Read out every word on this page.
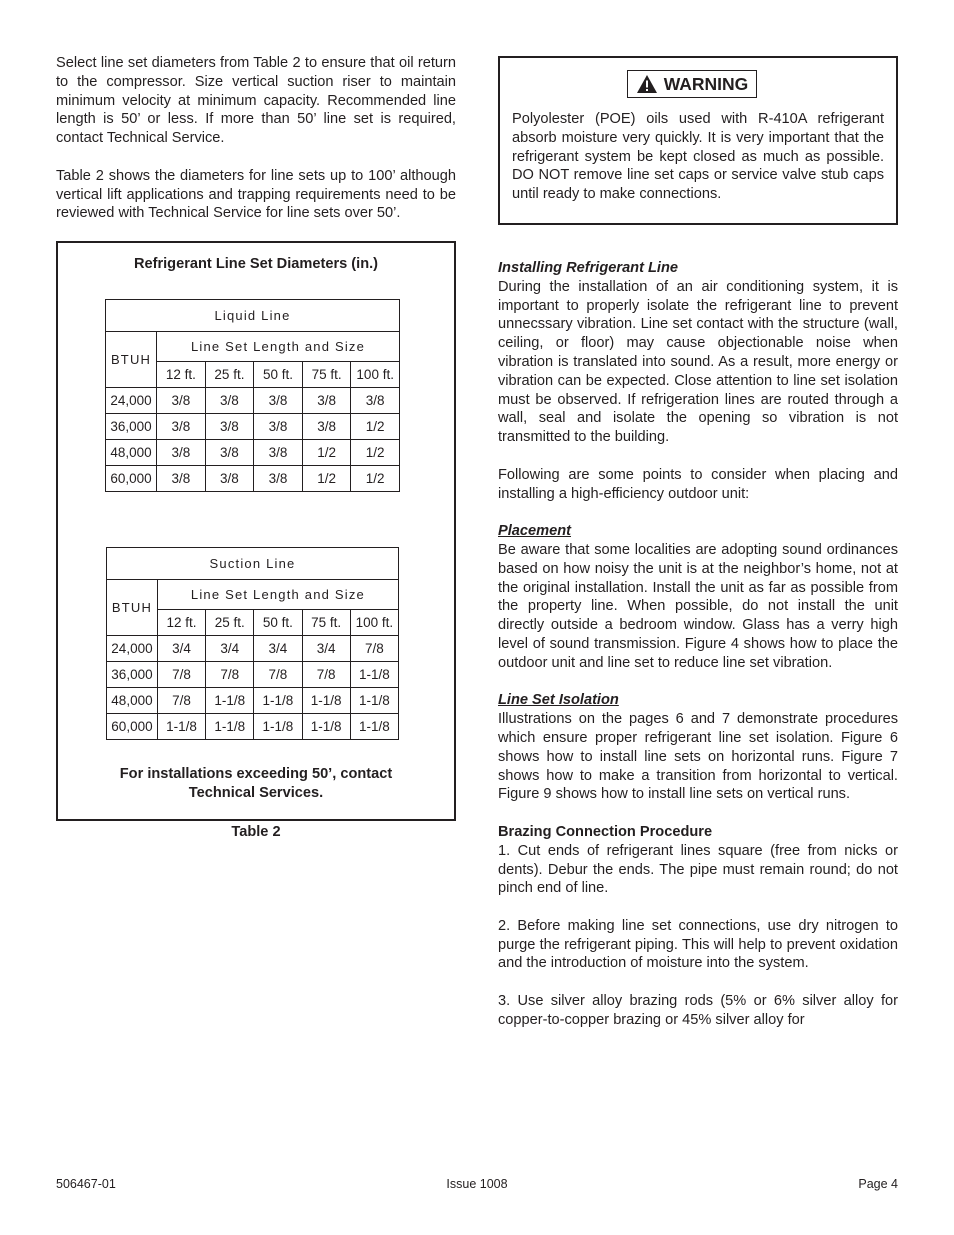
Select line set diameters from Table 2 to ensure that oil return to the compressor. Size vertical suction riser to maintain minimum velocity at minimum capacity. Recommended line length is 50’ or less. If more than 50’ line set is required, contact Technical Service.

Table 2 shows the diameters for line sets up to 100’ although vertical lift applications and trapping requirements need to be reviewed with Technical Service for line sets over 50’.

Refrigerant Line Set Diameters (in.)
Liquid Line					
BTUH	Line Set Length and Size				
	12 ft.	25 ft.	50 ft.	75 ft.	100 ft.
24,000	3/8	3/8	3/8	3/8	3/8
36,000	3/8	3/8	3/8	3/8	1/2
48,000	3/8	3/8	3/8	1/2	1/2
60,000	3/8	3/8	3/8	1/2	1/2
Suction Line					
BTUH	Line Set Length and Size				
	12 ft.	25 ft.	50 ft.	75 ft.	100 ft.
24,000	3/4	3/4	3/4	3/4	7/8
36,000	7/8	7/8	7/8	7/8	1-1/8
48,000	7/8	1-1/8	1-1/8	1-1/8	1-1/8
60,000	1-1/8	1-1/8	1-1/8	1-1/8	1-1/8
For installations exceeding 50’, contact
Technical Services.
Table 2
WARNING
Polyolester (POE) oils used with R-410A refrigerant absorb moisture very quickly. It is very important that the refrigerant system be kept closed as much as possible. DO NOT remove line set caps or service valve stub caps until ready to make connections.

Installing Refrigerant Line

During the installation of an air conditioning system, it is important to properly isolate the refrigerant line to prevent unnecssary vibration. Line set contact with the structure (wall, ceiling, or floor) may cause objectionable noise when vibration is translated into sound. As a result, more energy or vibration can be expected. Close attention to line set isolation must be observed. If refrigeration lines are routed through a wall, seal and isolate the opening so vibration is not transmitted to the building.

Following are some points to consider when placing and installing a high-efficiency outdoor unit:

Placement

Be aware that some localities are adopting sound ordinances based on how noisy the unit is at the neighbor’s home, not at the original installation. Install the unit as far as possible from the property line. When possible, do not install the unit directly outside a bedroom window. Glass has a verry high level of sound transmission. Figure 4 shows how to place the outdoor unit and line set to reduce line set vibration.

Line Set Isolation

Illustrations on the pages 6 and 7 demonstrate procedures which ensure proper refrigerant line set isolation. Figure 6 shows how to install line sets on horizontal runs. Figure 7 shows how to make a transition from horizontal to vertical. Figure 9 shows how to install line sets on vertical runs.

Brazing Connection Procedure

1. Cut ends of refrigerant lines square (free from nicks or dents). Debur the ends. The pipe must remain round; do not pinch end of line.

2. Before making line set connections, use dry nitrogen to purge the refrigerant piping. This will help to prevent oxidation and the introduction of moisture into the system.

3. Use silver alloy brazing rods (5% or 6% silver alloy for copper-to-copper brazing or 45% silver alloy for

506467-01	Issue 1008	Page 4
